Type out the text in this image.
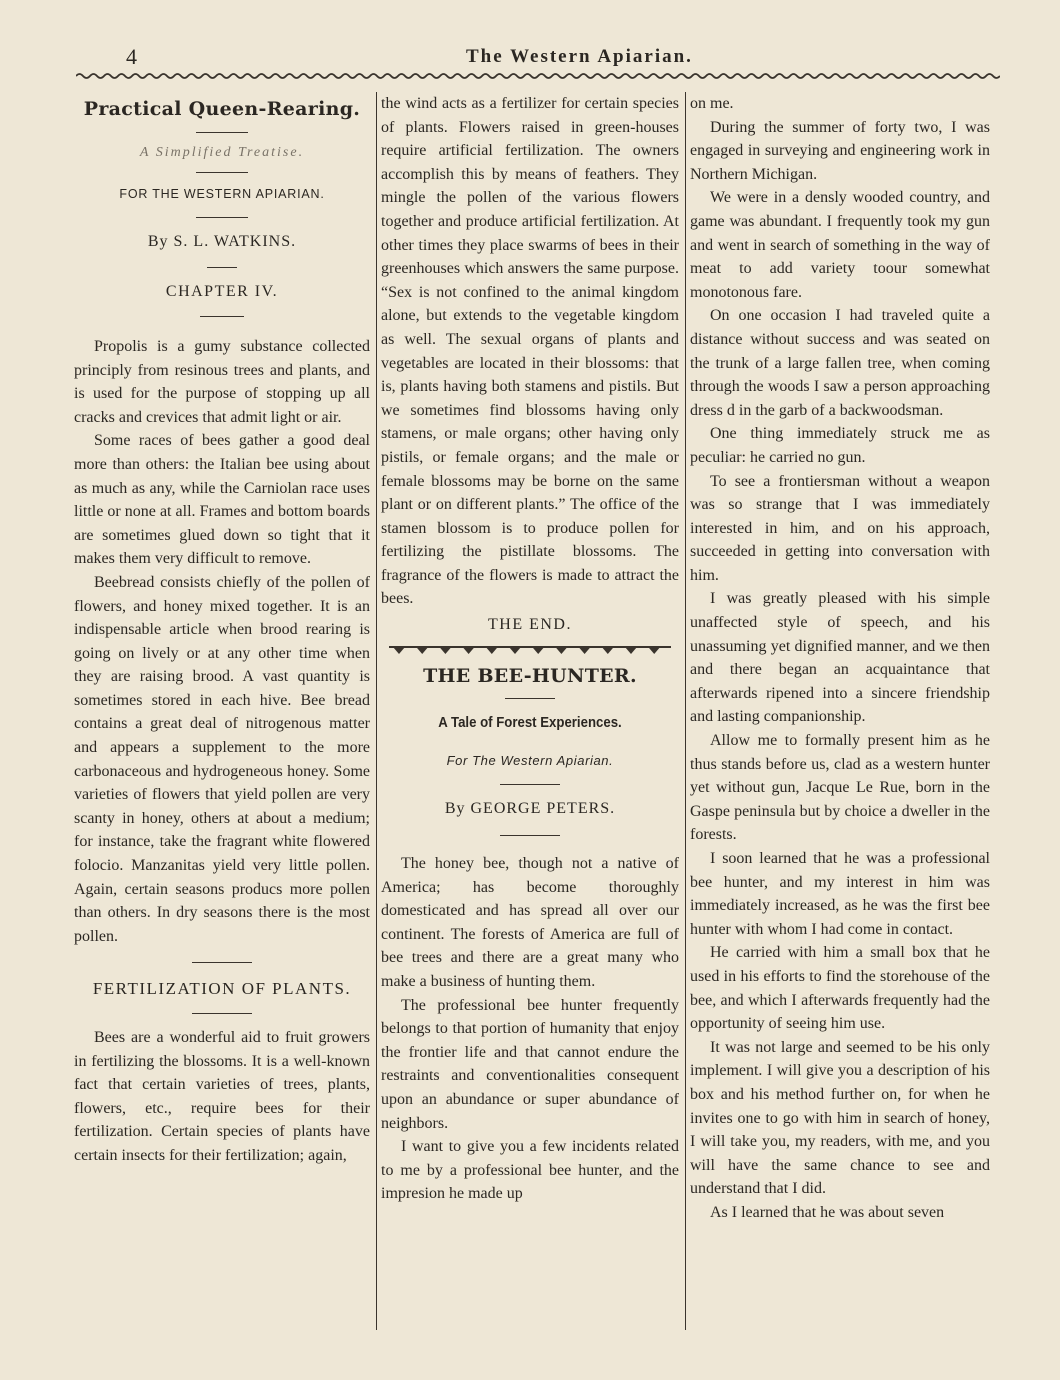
4	The Western Apiarian.
Practical Queen-Rearing.
A Simplified Treatise.
FOR THE WESTERN APIARIAN.
By S. L. WATKINS.
CHAPTER IV.

Propolis is a gumy substance collected principly from resinous trees and plants, and is used for the purpose of stopping up all cracks and crevices that admit light or air.

Some races of bees gather a good deal more than others: the Italian bee using about as much as any, while the Carniolan race uses little or none at all. Frames and bottom boards are sometimes glued down so tight that it makes them very difficult to remove.

Beebread consists chiefly of the pollen of flowers, and honey mixed together. It is an indispensable article when brood rearing is going on lively or at any other time when they are raising brood. A vast quantity is sometimes stored in each hive. Bee bread contains a great deal of nitrogenous matter and appears a supplement to the more carbonaceous and hydrogeneous honey. Some varieties of flowers that yield pollen are very scanty in honey, others at about a medium; for instance, take the fragrant white flowered folocio. Manzanitas yield very little pollen. Again, certain seasons producs more pollen than others. In dry seasons there is the most pollen.

FERTILIZATION OF PLANTS.

Bees are a wonderful aid to fruit growers in fertilizing the blossoms. It is a well-known fact that certain varieties of trees, plants, flowers, etc., require bees for their fertilization. Certain species of plants have certain insects for their fertilization; again,

the wind acts as a fertilizer for certain species of plants. Flowers raised in green-houses require artificial fertilization. The owners accomplish this by means of feathers. They mingle the pollen of the various flowers together and produce artificial fertilization. At other times they place swarms of bees in their greenhouses which answers the same purpose. “Sex is not confined to the animal kingdom alone, but extends to the vegetable kingdom as well. The sexual organs of plants and vegetables are located in their blossoms: that is, plants having both stamens and pistils. But we sometimes find blossoms having only stamens, or male organs; other having only pistils, or female organs; and the male or female blossoms may be borne on the same plant or on different plants.” The office of the stamen blossom is to produce pollen for fertilizing the pistillate blossoms. The fragrance of the flowers is made to attract the bees.

THE END.
THE BEE-HUNTER.
A Tale of Forest Experiences.
For The Western Apiarian.
By GEORGE PETERS.

The honey bee, though not a native of America; has become thoroughly domesticated and has spread all over our continent. The forests of America are full of bee trees and there are a great many who make a business of hunting them.

The professional bee hunter frequently belongs to that portion of humanity that enjoy the frontier life and that cannot endure the restraints and conventionalities consequent upon an abundance or super abundance of neighbors.

I want to give you a few incidents related to me by a professional bee hunter, and the impresion he made up

on me.

During the summer of forty two, I was engaged in surveying and engineering work in Northern Michigan.

We were in a densly wooded country, and game was abundant. I frequently took my gun and went in search of something in the way of meat to add variety toour somewhat monotonous fare.

On one occasion I had traveled quite a distance without success and was seated on the trunk of a large fallen tree, when coming through the woods I saw a person approaching dress d in the garb of a backwoodsman.

One thing immediately struck me as peculiar: he carried no gun.

To see a frontiersman without a weapon was so strange that I was immediately interested in him, and on his approach, succeeded in getting into conversation with him.

I was greatly pleased with his simple unaffected style of speech, and his unassuming yet dignified manner, and we then and there began an acquaintance that afterwards ripened into a sincere friendship and lasting companionship.

Allow me to formally present him as he thus stands before us, clad as a western hunter yet without gun, Jacque Le Rue, born in the Gaspe peninsula but by choice a dweller in the forests.

I soon learned that he was a professional bee hunter, and my interest in him was immediately increased, as he was the first bee hunter with whom I had come in contact.

He carried with him a small box that he used in his efforts to find the storehouse of the bee, and which I afterwards frequently had the opportunity of seeing him use.

It was not large and seemed to be his only implement. I will give you a description of his box and his method further on, for when he invites one to go with him in search of honey, I will take you, my readers, with me, and you will have the same chance to see and understand that I did.

As I learned that he was about seven
